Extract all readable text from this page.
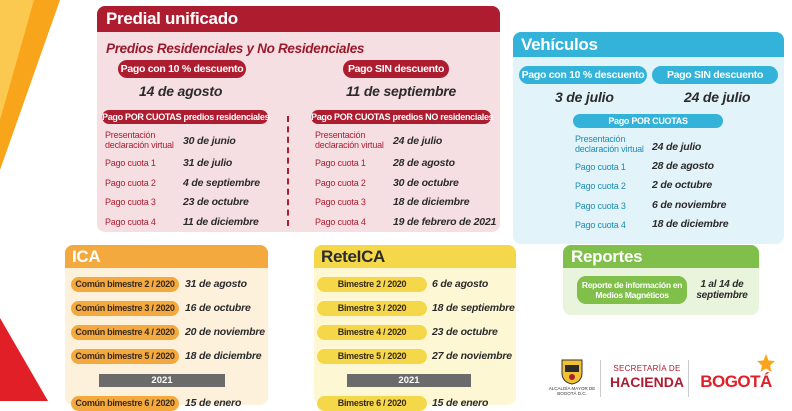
Predial unificado
Predios Residenciales y No Residenciales
Pago con 10 % descuento
14 de agosto
Pago SIN descuento
11 de septiembre
Pago POR CUOTAS predios residenciales
Presentación declaración virtual 30 de junio
Pago cuota 1	31 de julio
Pago cuota 2	4 de septiembre
Pago cuota 3	23 de octubre
Pago cuota 4	11 de diciembre
Pago POR CUOTAS predios NO residenciales
Presentación declaración virtual 24 de julio
Pago cuota 1	28 de agosto
Pago cuota 2	30 de octubre
Pago cuota 3	18 de diciembre
Pago cuota 4	19 de febrero de 2021
Vehículos
Pago con 10 % descuento
3 de julio
Pago SIN descuento
24 de julio
Pago POR CUOTAS
Presentación declaración virtual 24 de julio
Pago cuota 1	28 de agosto
Pago cuota 2	2 de octubre
Pago cuota 3	6 de noviembre
Pago cuota 4	18 de diciembre
ICA
Común bimestre 2 / 2020 31 de agosto
Común bimestre 3 / 2020 16 de octubre
Común bimestre 4 / 2020 20 de noviembre
Común bimestre 5 / 2020 18 de diciembre
2021
Común bimestre 6 / 2020 15 de enero
ReteICA
Bimestre 2 / 2020	6 de agosto
Bimestre 3 / 2020	18 de septiembre
Bimestre 4 / 2020	23 de octubre
Bimestre 5 / 2020	27 de noviembre
2021
Bimestre 6 / 2020	15 de enero
Reportes
Reporte de información en Medios Magnéticos
1 al 14 de septiembre
ALCALDÍA MAYOR DE BOGOTÁ D.C.
SECRETARÍA DE
HACIENDA BOGOTÁ
